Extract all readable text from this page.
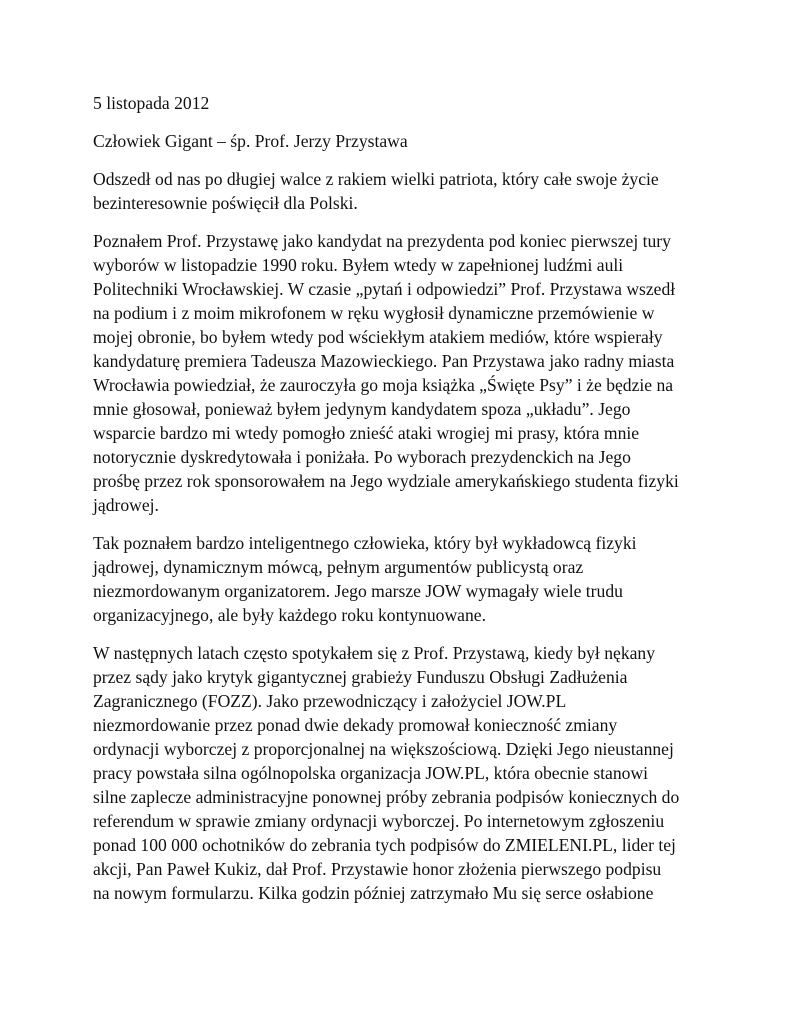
5 listopada 2012
Człowiek Gigant – śp. Prof. Jerzy Przystawa
Odszedł od nas po długiej walce z rakiem wielki patriota, który całe swoje życie
bezinteresownie poświęcił dla Polski.
Poznałem Prof. Przystawę jako kandydat na prezydenta pod koniec pierwszej tury
wyborów w listopadzie 1990 roku. Byłem wtedy w zapełnionej ludźmi auli
Politechniki Wrocławskiej. W czasie „pytań i odpowiedzi” Prof. Przystawa wszedł
na podium i z moim mikrofonem w ręku wygłosił dynamiczne przemówienie w
mojej obronie, bo byłem wtedy pod wściekłym atakiem mediów, które wspierały
kandydaturę premiera Tadeusza Mazowieckiego. Pan Przystawa jako radny miasta
Wrocławia powiedział, że zauroczyła go moja książka „Święte Psy” i że będzie na
mnie głosował, ponieważ byłem jedynym kandydatem spoza „układu”. Jego
wsparcie bardzo mi wtedy pomogło znieść ataki wrogiej mi prasy, która mnie
notorycznie dyskredytowała i poniżała. Po wyborach prezydenckich na Jego
prośbę przez rok sponsorowałem na Jego wydziale amerykańskiego studenta fizyki
jądrowej.
Tak poznałem bardzo inteligentnego człowieka, który był wykładowcą fizyki
jądrowej, dynamicznym mówcą, pełnym argumentów publicystą oraz
niezmordowanym organizatorem. Jego marsze JOW wymagały wiele trudu
organizacyjnego, ale były każdego roku kontynuowane.
W następnych latach często spotykałem się z Prof. Przystawą, kiedy był nękany
przez sądy jako krytyk gigantycznej grabieży Funduszu Obsługi Zadłużenia
Zagranicznego (FOZZ). Jako przewodniczący i założyciel JOW.PL
niezmordowanie przez ponad dwie dekady promował konieczność zmiany
ordynacji wyborczej z proporcjonalnej na większościową. Dzięki Jego nieustannej
pracy powstała silna ogólnopolska organizacja JOW.PL, która obecnie stanowi
silne zaplecze administracyjne ponownej próby zebrania podpisów koniecznych do
referendum w sprawie zmiany ordynacji wyborczej. Po internetowym zgłoszeniu
ponad 100 000 ochotników do zebrania tych podpisów do ZMIELENI.PL, lider tej
akcji, Pan Paweł Kukiz, dał Prof. Przystawie honor złożenia pierwszego podpisu
na nowym formularzu. Kilka godzin później zatrzymało Mu się serce osłabione
